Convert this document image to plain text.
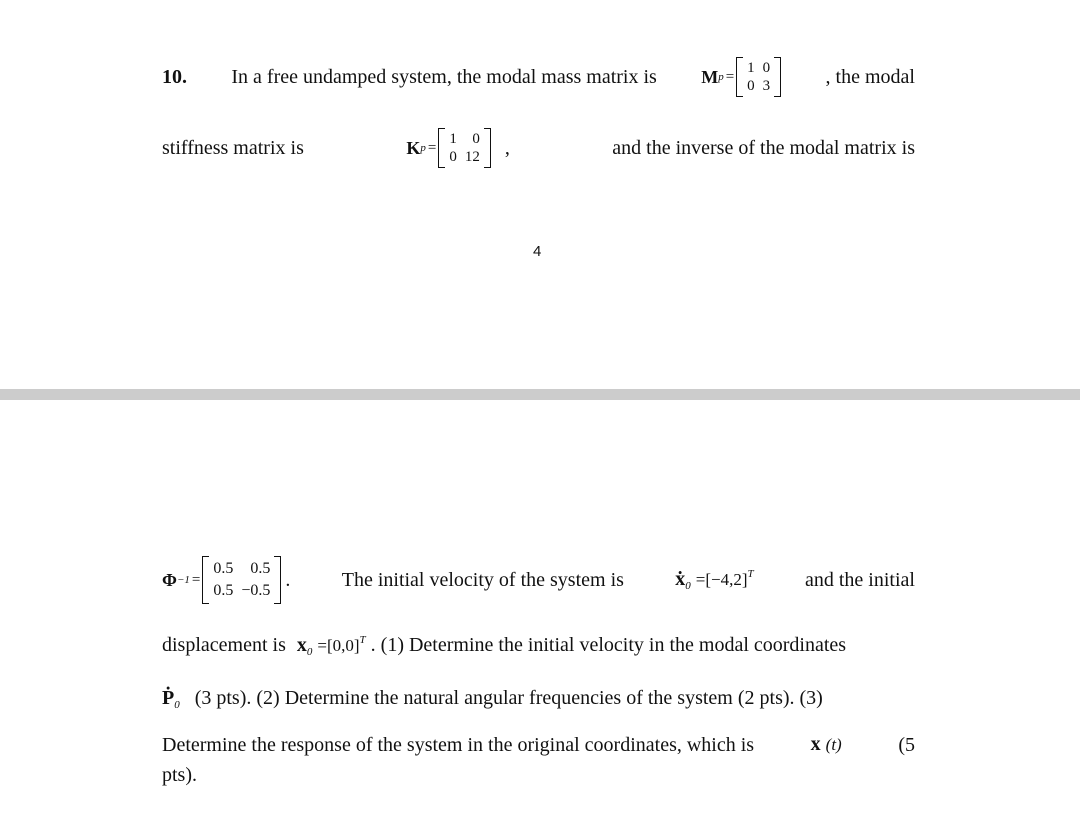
10. In a free undamped system, the modal mass matrix is M p =
1	0
0	3	, the modal
stiffness matrix is	K p =
1	0
0	12 ,	and the inverse of the modal matrix is
4
Φ −1 =
0.5	0.5
0.5	−0.5 .	The initial velocity of the system is	ẋ$_0$ $=[-4,2]^T$	and the initial
displacement is $x_0 =[0,0]^T$ . (1) Determine the initial velocity in the modal coordinates
Ṗ$_0$ (3 pts). (2) Determine the natural angular frequencies of the system (2 pts). (3)
Determine the response of the system in the original coordinates, which is	x (t)	(5
pts).
